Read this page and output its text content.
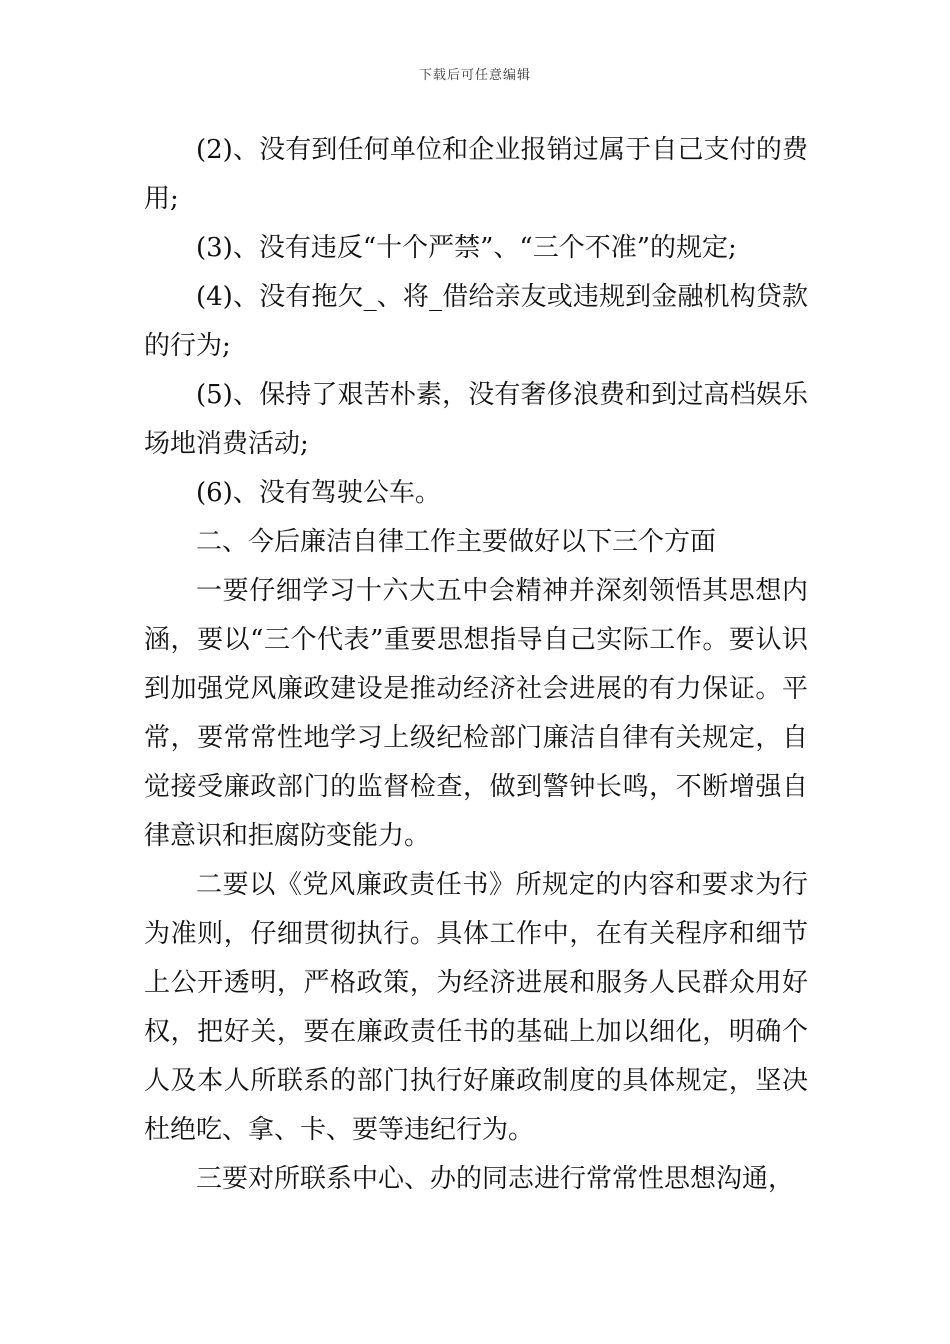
下载后可任意编辑

(2)、没有到任何单位和企业报销过属于自己支付的费用;

(3)、没有违反“十个严禁”、“三个不准”的规定;

(4)、没有拖欠_、将_借给亲友或违规到金融机构贷款的行为;

(5)、保持了艰苦朴素，没有奢侈浪费和到过高档娱乐场地消费活动;

(6)、没有驾驶公车。

二、今后廉洁自律工作主要做好以下三个方面

一要仔细学习十六大五中会精神并深刻领悟其思想内涵，要以“三个代表”重要思想指导自己实际工作。要认识到加强党风廉政建设是推动经济社会进展的有力保证。平常，要常常性地学习上级纪检部门廉洁自律有关规定，自觉接受廉政部门的监督检查，做到警钟长鸣，不断增强自律意识和拒腐防变能力。

二要以《党风廉政责任书》所规定的内容和要求为行为准则，仔细贯彻执行。具体工作中，在有关程序和细节上公开透明，严格政策，为经济进展和服务人民群众用好权，把好关，要在廉政责任书的基础上加以细化，明确个人及本人所联系的部门执行好廉政制度的具体规定，坚决杜绝吃、拿、卡、要等违纪行为。

三要对所联系中心、办的同志进行常常性思想沟通，
